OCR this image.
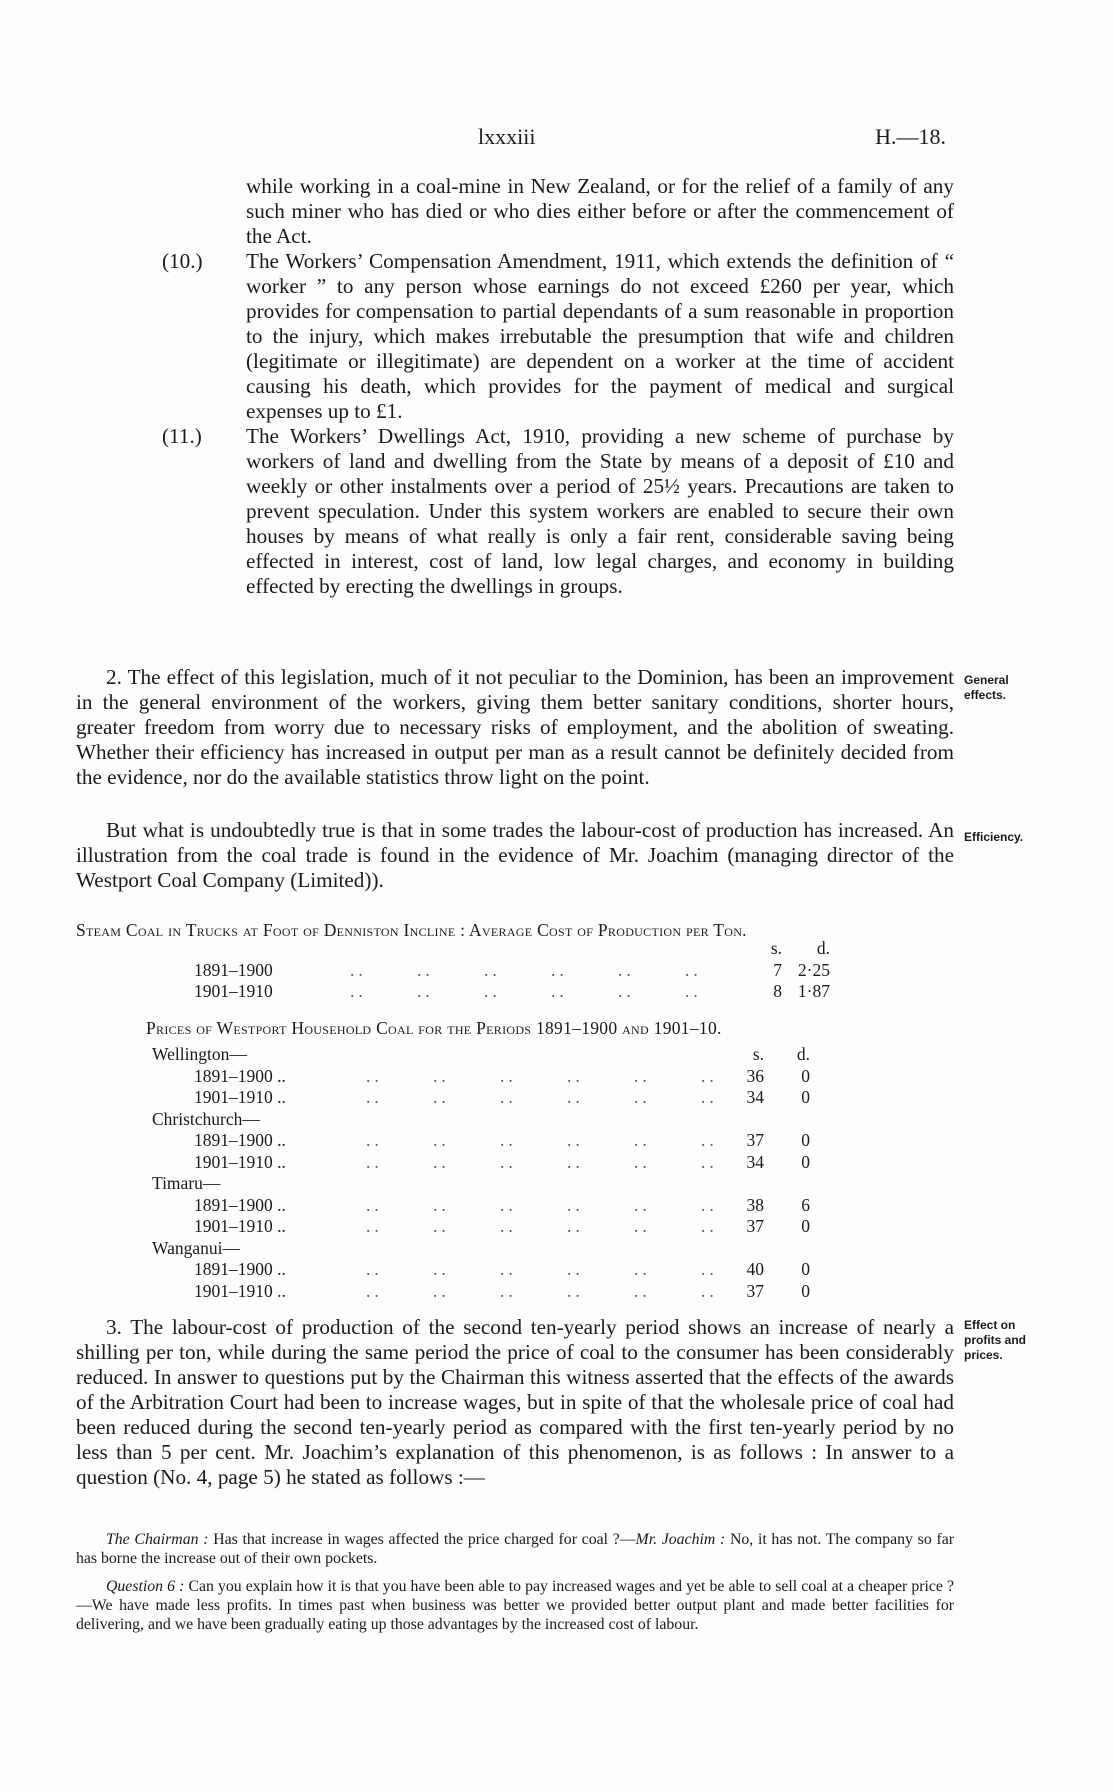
lxxxiii	H.—18.
while working in a coal-mine in New Zealand, or for the relief of a family of any such miner who has died or who dies either before or after the commencement of the Act.
(10.) The Workers’ Compensation Amendment, 1911, which extends the definition of “ worker ” to any person whose earnings do not exceed £260 per year, which provides for compensation to partial dependants of a sum reasonable in proportion to the injury, which makes irrebutable the presumption that wife and children (legitimate or illegitimate) are dependent on a worker at the time of accident causing his death, which provides for the payment of medical and surgical expenses up to £1.
(11.) The Workers’ Dwellings Act, 1910, providing a new scheme of purchase by workers of land and dwelling from the State by means of a deposit of £10 and weekly or other instalments over a period of 25½ years. Precautions are taken to prevent speculation. Under this system workers are enabled to secure their own houses by means of what really is only a fair rent, considerable saving being effected in interest, cost of land, low legal charges, and economy in building effected by erecting the dwellings in groups.
2. The effect of this legislation, much of it not peculiar to the Dominion, has been an improvement in the general environment of the workers, giving them better sanitary conditions, shorter hours, greater freedom from worry due to necessary risks of employment, and the abolition of sweating. Whether their efficiency has increased in output per man as a result cannot be definitely decided from the evidence, nor do the available statistics throw light on the point.
But what is undoubtedly true is that in some trades the labour-cost of production has increased. An illustration from the coal trade is found in the evidence of Mr. Joachim (managing director of the Westport Coal Company (Limited)).
General
effects.
Efficiency.
Effect on
profits and
prices.
Steam Coal in Trucks at Foot of Denniston Incline : Average Cost of Production per Ton.
s.	d.
1891–1900	..      ..      ..      ..      ..      ..	7 2·25
1901–1910	..      ..      ..      ..      ..      ..	8 1·87
Prices of Westport Household Coal for the Periods 1891–1900 and 1901–10.
Wellington—	s.	d.
1891–1900 ..	..      ..      ..      ..      ..      ..	36	0
1901–1910 ..	..      ..      ..      ..      ..      ..	34	0
Christchurch—
1891–1900 ..	..      ..      ..      ..      ..      ..	37	0
1901–1910 ..	..      ..      ..      ..      ..      ..	34	0
Timaru—
1891–1900 ..	..      ..      ..      ..      ..      ..	38	6
1901–1910 ..	..      ..      ..      ..      ..      ..	37	0
Wanganui—
1891–1900 ..	..      ..      ..      ..      ..      ..	40	0
1901–1910 ..	..      ..      ..      ..      ..      ..	37	0
3. The labour-cost of production of the second ten-yearly period shows an increase of nearly a shilling per ton, while during the same period the price of coal to the consumer has been considerably reduced. In answer to questions put by the Chairman this witness asserted that the effects of the awards of the Arbitration Court had been to increase wages, but in spite of that the wholesale price of coal had been reduced during the second ten-yearly period as compared with the first ten-yearly period by no less than 5 per cent. Mr. Joachim’s explanation of this phenomenon, is as follows : In answer to a question (No. 4, page 5) he stated as follows :—
The Chairman : Has that increase in wages affected the price charged for coal ?—Mr. Joachim : No, it has not. The company so far has borne the increase out of their own pockets.
Question 6 : Can you explain how it is that you have been able to pay increased wages and yet be able to sell coal at a cheaper price ?—We have made less profits. In times past when business was better we provided better output plant and made better facilities for delivering, and we have been gradually eating up those advantages by the increased cost of labour.
